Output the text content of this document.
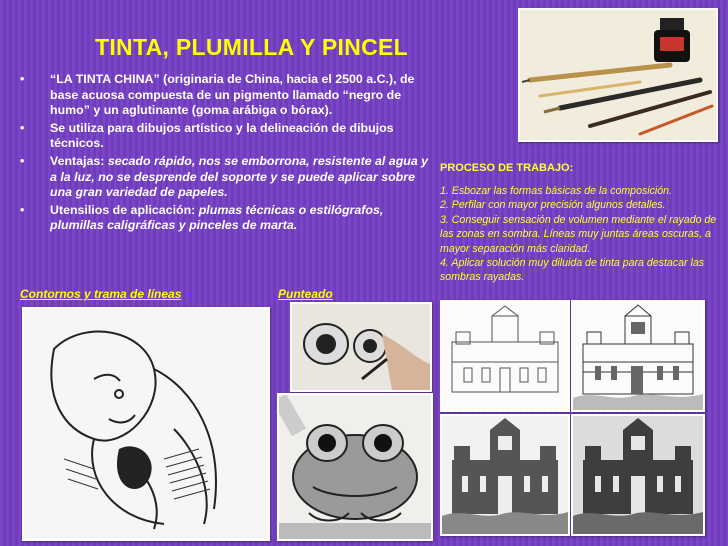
TINTA, PLUMILLA Y PINCEL
• “LA TINTA CHINA” (originaria de China, hacia el 2500 a.C.), de base acuosa compuesta de un pigmento llamado “negro de humo” y un aglutinante (goma arábiga o bórax).
• Se utiliza para dibujos artístico y la delineación de dibujos técnicos.
• Ventajas: secado rápido, nos se emborrona, resistente al agua y a la luz, no se desprende del soporte y se puede aplicar sobre una gran variedad de papeles.
• Utensilios de aplicación: plumas técnicas o estilógrafos, plumillas caligráficas y pinceles de marta.
PROCESO DE TRABAJO:
1. Esbozar las formas básicas de la composición.
2. Perfilar con mayor precisión algunos detalles.
3. Conseguir sensación de volumen mediante el rayado de las zonas en sombra. Líneas muy juntas áreas oscuras, a mayor separación más claridad.
4. Aplicar solución muy diluida de tinta para destacar las sombras rayadas.
Contornos y trama de líneas	Punteado
